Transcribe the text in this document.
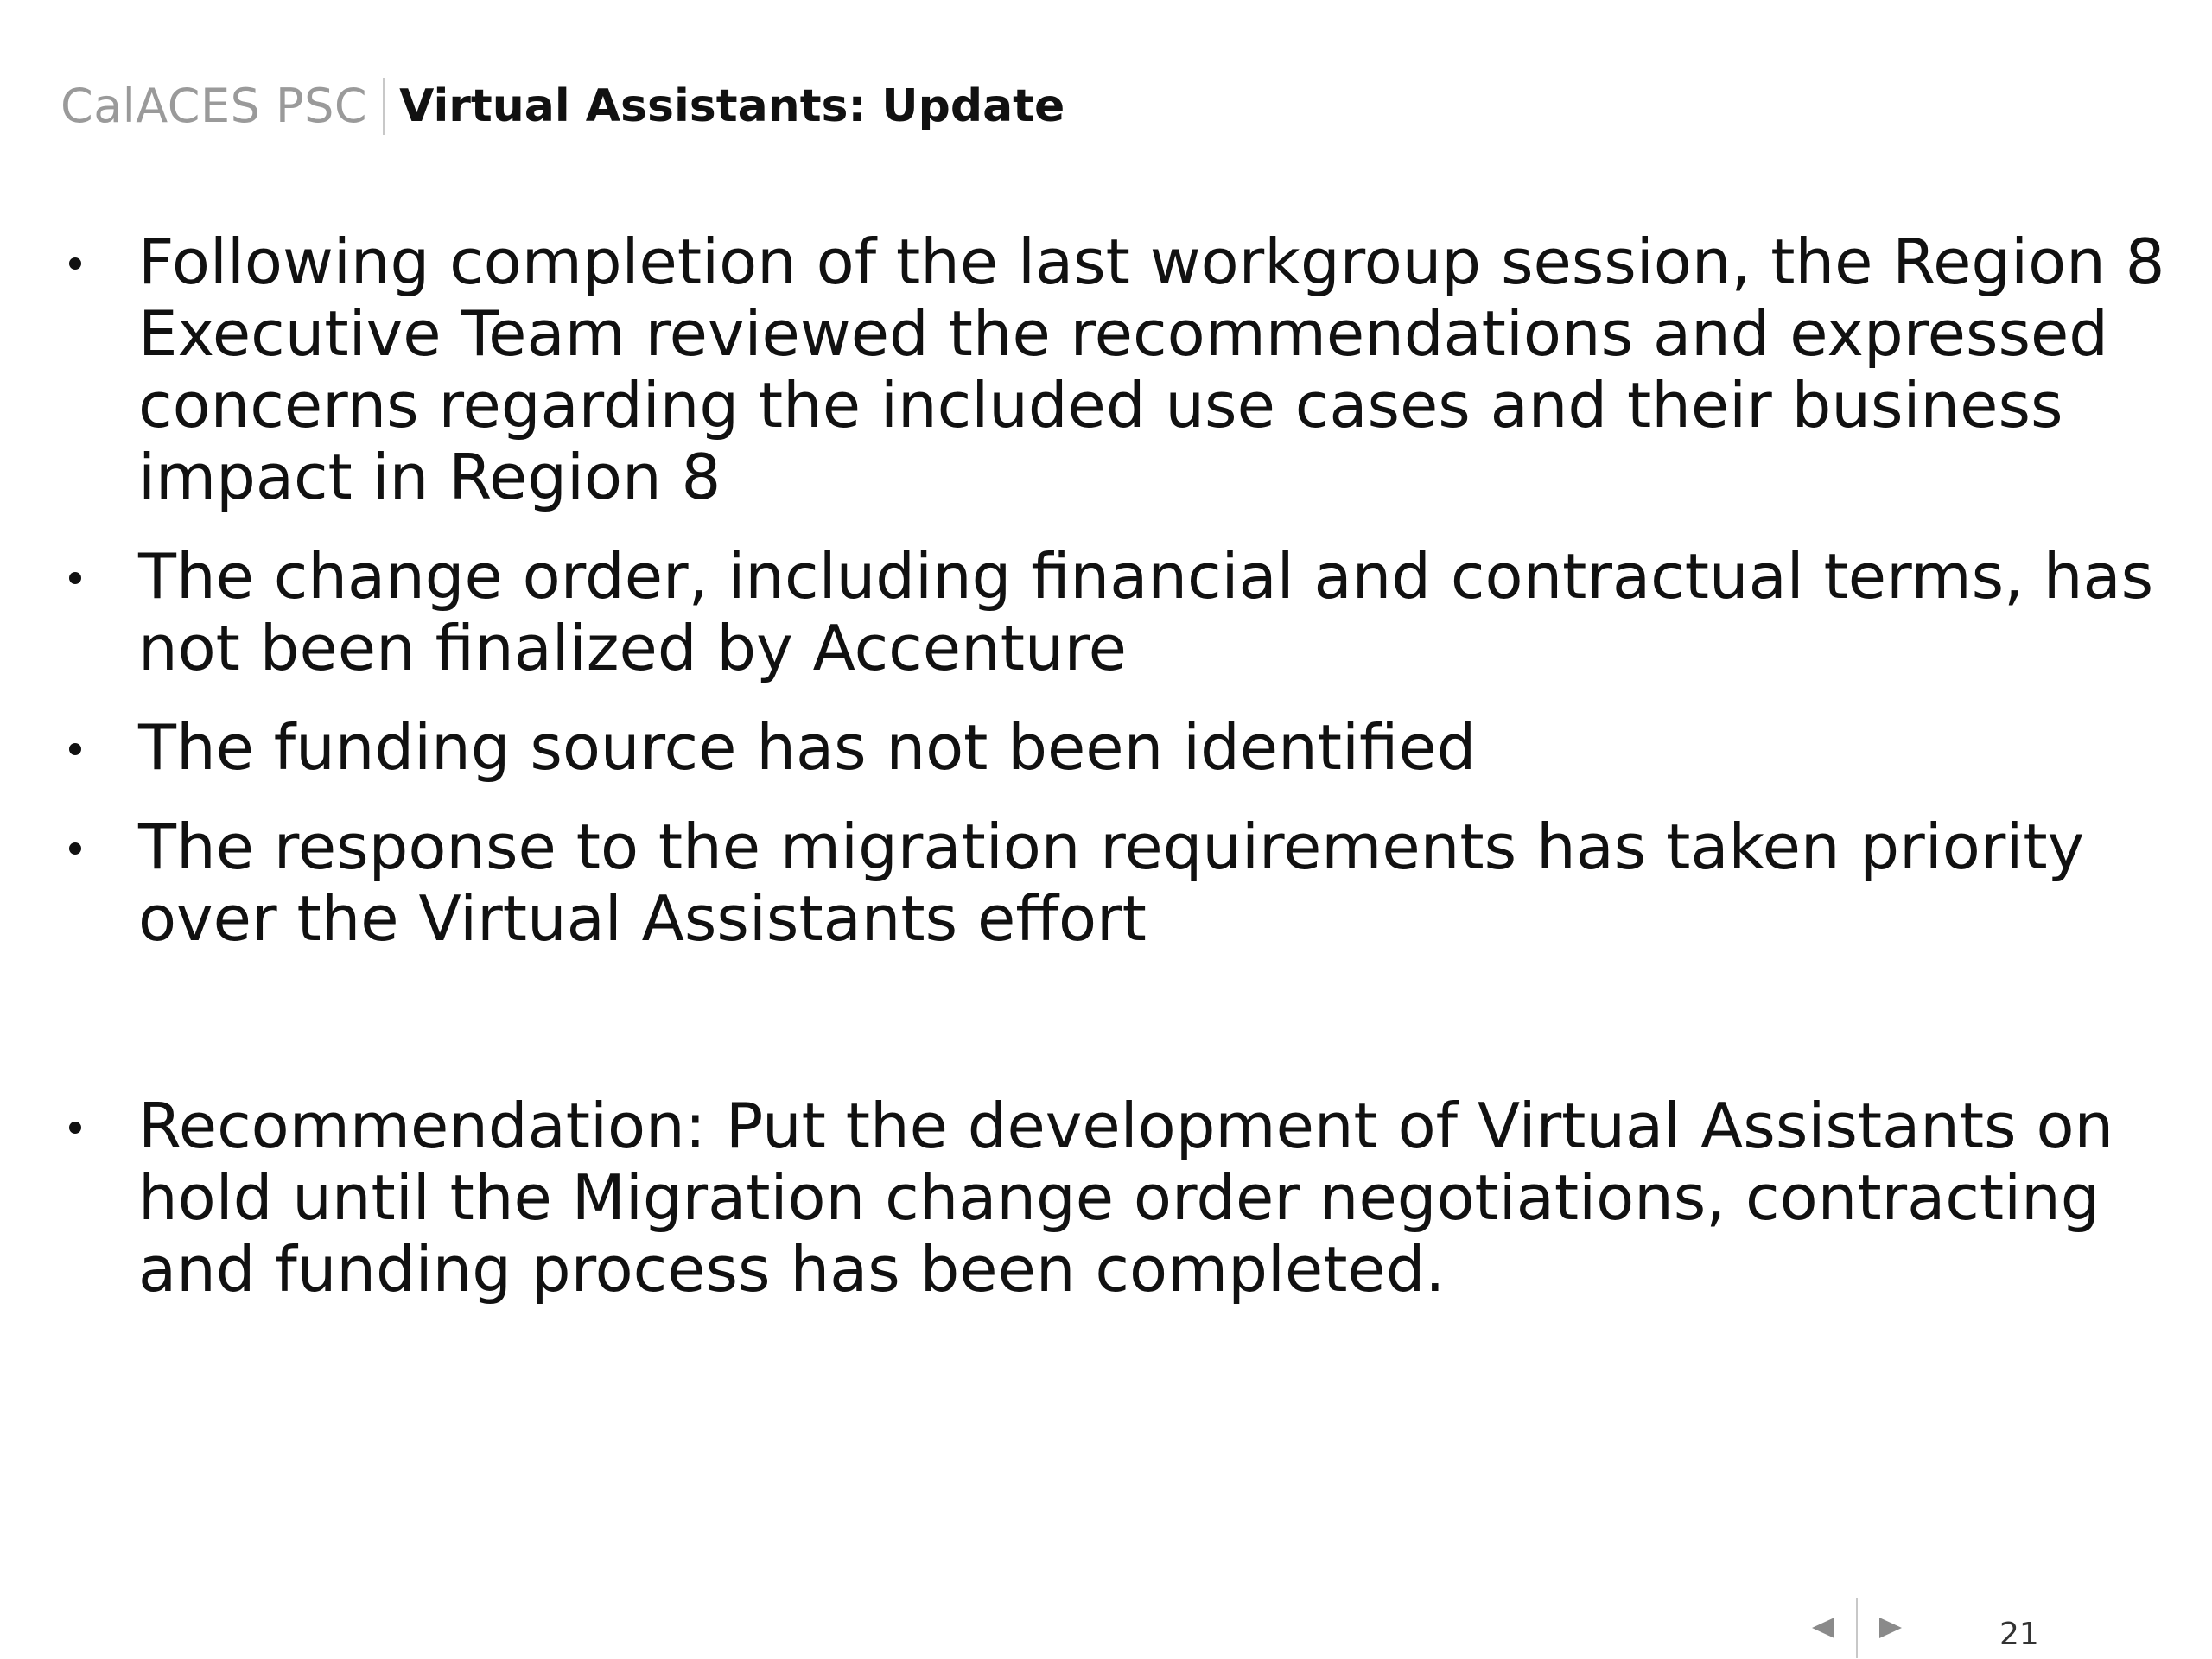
CalACES PSC Virtual Assistants: Update
Following completion of the last workgroup session, the Region 8 Executive Team reviewed the recommendations and expressed concerns regarding the included use cases and their business impact in Region 8
The change order, including financial and contractual terms, has not been finalized by Accenture
The funding source has not been identified
The response to the migration requirements has taken priority over the Virtual Assistants effort
Recommendation: Put the development of Virtual Assistants on hold until the Migration change order negotiations, contracting and funding process has been completed.
21
